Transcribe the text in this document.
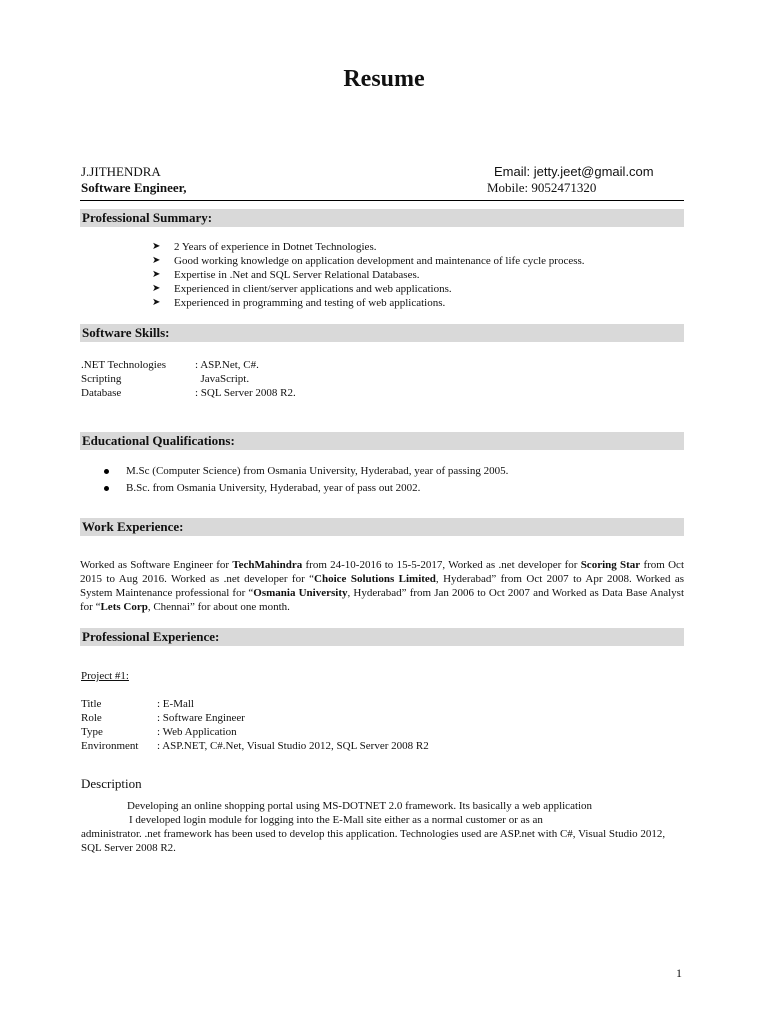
Resume
J.JITHENDRA
Software Engineer,
Email: jetty.jeet@gmail.com
Mobile: 9052471320
Professional Summary:
➤ 2 Years of experience in Dotnet Technologies.
➤ Good working knowledge on application development and maintenance of life cycle process.
➤ Expertise in .Net and SQL Server Relational Databases.
➤ Experienced in client/server applications and web applications.
➤ Experienced in programming and testing of web applications.
Software Skills:
.NET Technologies	: ASP.Net, C#.
Scripting	JavaScript.
Database	: SQL Server 2008 R2.
Educational Qualifications:
M.Sc (Computer Science) from Osmania University, Hyderabad, year of passing 2005.
B.Sc. from Osmania University, Hyderabad, year of pass out 2002.
Work Experience:
Worked as Software Engineer for TechMahindra from 24-10-2016 to 15-5-2017, Worked as .net developer for Scoring Star from Oct 2015 to Aug 2016. Worked as .net developer for “Choice Solutions Limited, Hyderabad” from Oct 2007 to Apr 2008. Worked as System Maintenance professional for “Osmania University, Hyderabad” from Jan 2006 to Oct 2007 and Worked as Data Base Analyst for “Lets Corp, Chennai” for about one month.
Professional Experience:
Project #1:
Title	: E-Mall
Role	: Software Engineer
Type	: Web Application
Environment	: ASP.NET, C#.Net, Visual Studio 2012, SQL Server 2008 R2
Description
Developing an online shopping portal using MS-DOTNET 2.0 framework. Its basically a web application
I developed login module for logging into the E-Mall site either as a normal customer or as an
administrator. .net framework has been used to develop this application. Technologies used are ASP.net with C#, Visual Studio 2012, SQL Server 2008 R2.
1
